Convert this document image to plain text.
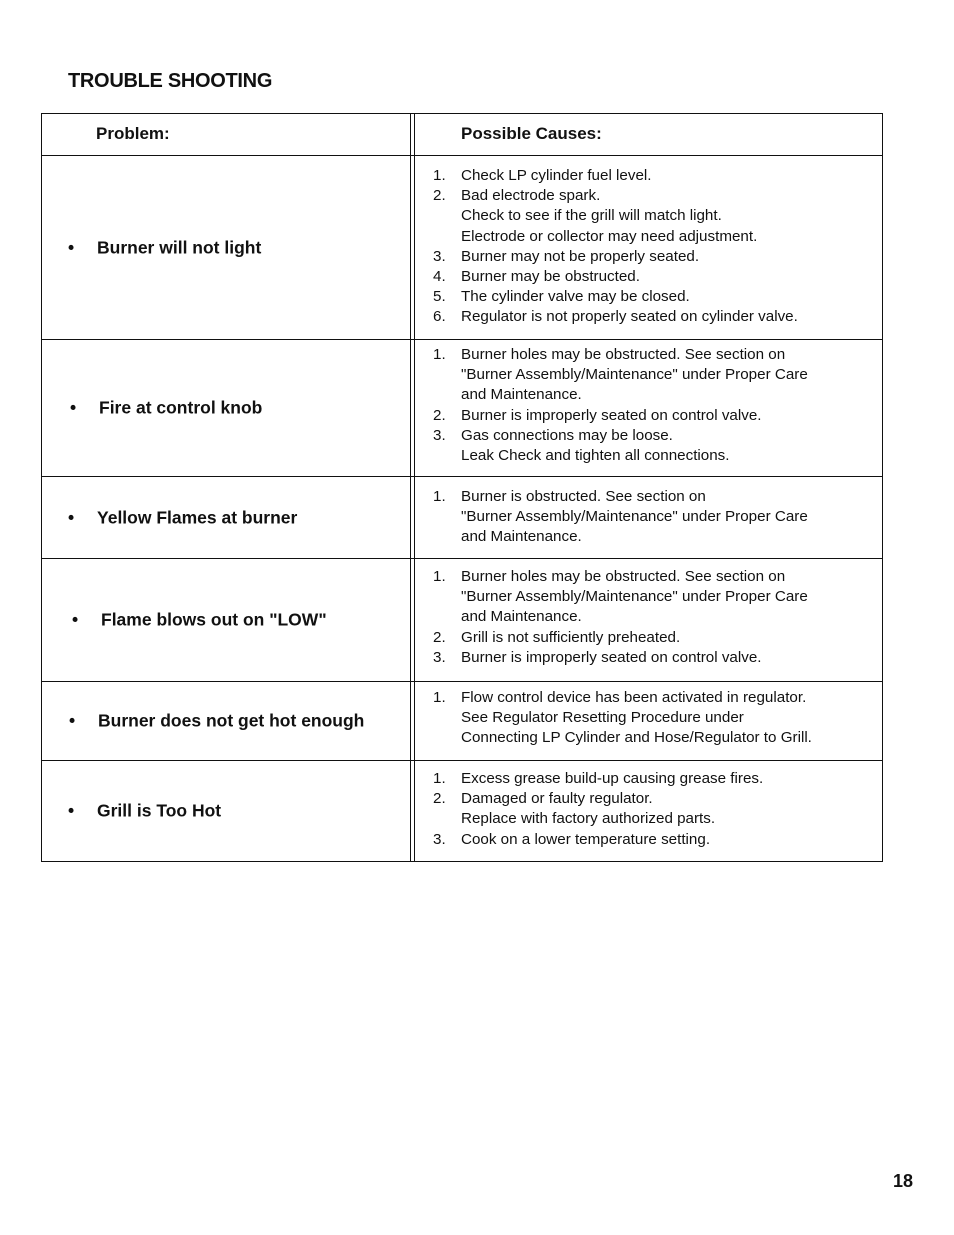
TROUBLE SHOOTING
Problem:	Possible Causes:
• Burner will not light
1.	Check LP cylinder fuel level.
2.	Bad electrode spark.
Check to see if the grill will match light.
Electrode or collector may need adjustment.
3.	Burner may not be properly seated.
4.	Burner may be obstructed.
5.	The cylinder valve may be closed.
6.	Regulator is not properly seated on cylinder valve.
• Fire at control knob
1.	Burner holes may be obstructed. See section on
"Burner Assembly/Maintenance" under Proper Care
and Maintenance.
2.	Burner is improperly seated on control valve.
3.	Gas connections may be loose.
Leak Check and tighten all connections.
• Yellow Flames at burner
1.	Burner is obstructed. See section on
"Burner Assembly/Maintenance" under Proper Care
and Maintenance.
• Flame blows out on "LOW"
1.	Burner holes may be obstructed. See section on
"Burner Assembly/Maintenance" under Proper Care
and Maintenance.
2.	Grill is not sufficiently preheated.
3.	Burner is improperly seated on control valve.
• Burner does not get hot enough
1.	Flow control device has been activated in regulator.
See Regulator Resetting Procedure under
Connecting LP Cylinder and Hose/Regulator to Grill.
• Grill is Too Hot
1.	Excess grease build-up causing grease fires.
2.	Damaged or faulty regulator.
Replace with factory authorized parts.
3.	Cook on a lower temperature setting.
18
